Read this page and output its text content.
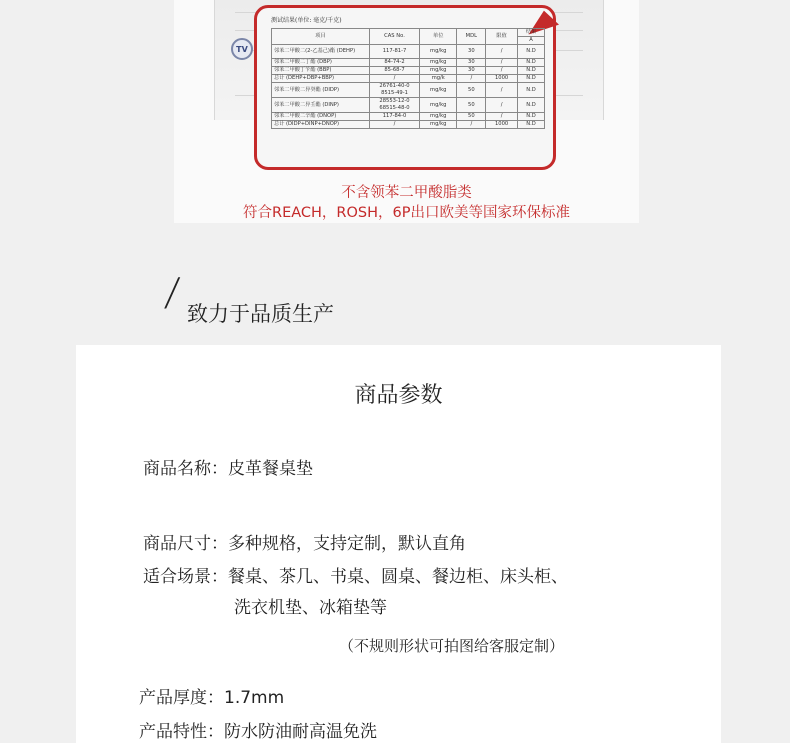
TV
测试结果(单位: 毫克/千克)
项目	CAS No.	单位	MDL	限值	结果
					A
邻苯二甲酸二(2-乙基己)酯 (DEHP)	117-81-7	mg/kg	30	/	N.D
邻苯二甲酸二丁酯 (DBP)	84-74-2	mg/kg	30	/	N.D
邻苯二甲酸丁苄酯 (BBP)	85-68-7	mg/kg	30	/	N.D
总计 (DEHP+DBP+BBP)	/	mg/k	/	1000	N.D
邻苯二甲酸二异癸酯 (DIDP)	26761-40-0 8515-49-1	mg/kg	50	/	N.D
邻苯二甲酸二异壬酯 (DINP)	28553-12-0 68515-48-0	mg/kg	50	/	N.D
邻苯二甲酸二辛酯 (DNOP)	117-84-0	mg/kg	50	/	N.D
总计 (DIDP+DINP+DNOP)	/	mg/kg	/	1000	N.D
不含领苯二甲酸脂类
符合REACH，ROSH，6P出口欧美等国家环保标准
/ 致力于品质生产
商品参数
商品名称：皮革餐桌垫
商品尺寸：多种规格，支持定制，默认直角
适合场景：餐桌、茶几、书桌、圆桌、餐边柜、床头柜、
洗衣机垫、冰箱垫等
（不规则形状可拍图给客服定制）
产品厚度：1.7mm
产品特性：防水防油耐高温免洗
